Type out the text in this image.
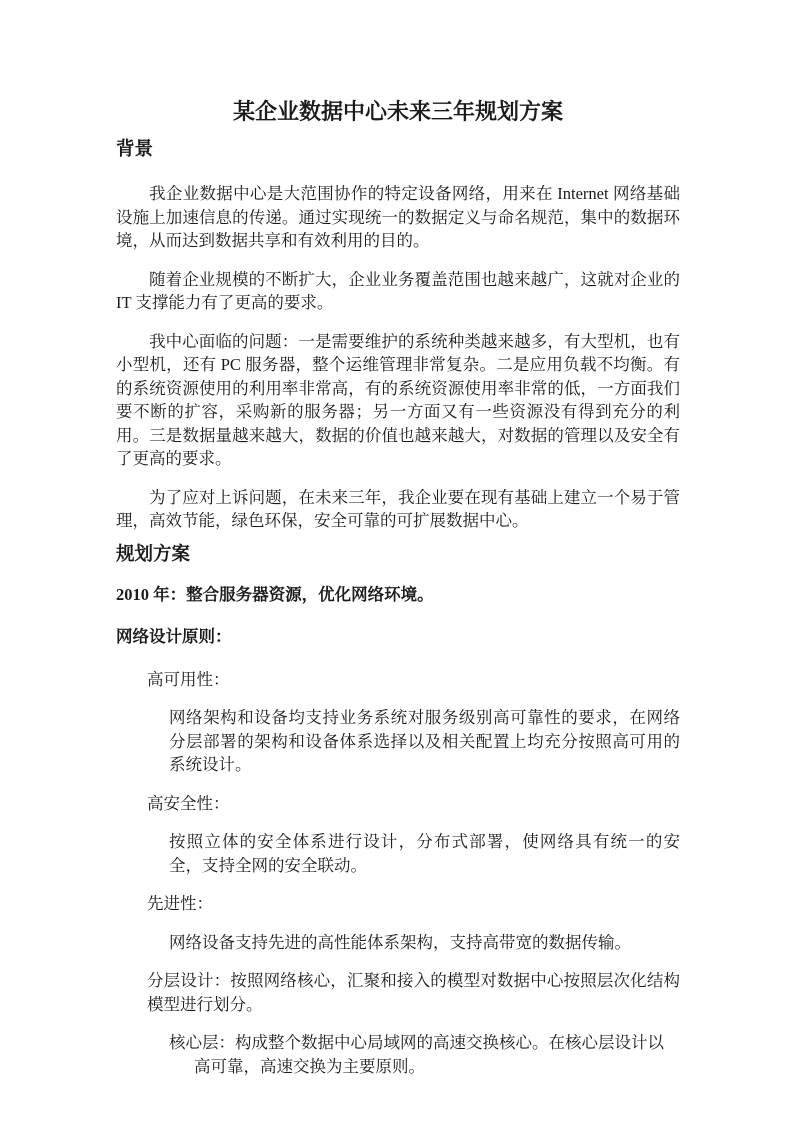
某企业数据中心未来三年规划方案
背景

我企业数据中心是大范围协作的特定设备网络，用来在 Internet 网络基础设施上加速信息的传递。通过实现统一的数据定义与命名规范，集中的数据环境，从而达到数据共享和有效利用的目的。

随着企业规模的不断扩大，企业业务覆盖范围也越来越广，这就对企业的 IT 支撑能力有了更高的要求。

我中心面临的问题：一是需要维护的系统种类越来越多，有大型机，也有小型机，还有 PC 服务器，整个运维管理非常复杂。二是应用负载不均衡。有的系统资源使用的利用率非常高，有的系统资源使用率非常的低，一方面我们要不断的扩容，采购新的服务器；另一方面又有一些资源没有得到充分的利用。三是数据量越来越大，数据的价值也越来越大，对数据的管理以及安全有了更高的要求。

为了应对上诉问题，在未来三年，我企业要在现有基础上建立一个易于管理，高效节能，绿色环保，安全可靠的可扩展数据中心。

规划方案

2010 年：整合服务器资源，优化网络环境。

网络设计原则：

高可用性：

网络架构和设备均支持业务系统对服务级别高可靠性的要求，在网络分层部署的架构和设备体系选择以及相关配置上均充分按照高可用的系统设计。

高安全性：

按照立体的安全体系进行设计，分布式部署，使网络具有统一的安全，支持全网的安全联动。

先进性：

网络设备支持先进的高性能体系架构，支持高带宽的数据传输。

分层设计：按照网络核心，汇聚和接入的模型对数据中心按照层次化结构模型进行划分。

核心层：构成整个数据中心局域网的高速交换核心。在核心层设计以高可靠，高速交换为主要原则。
